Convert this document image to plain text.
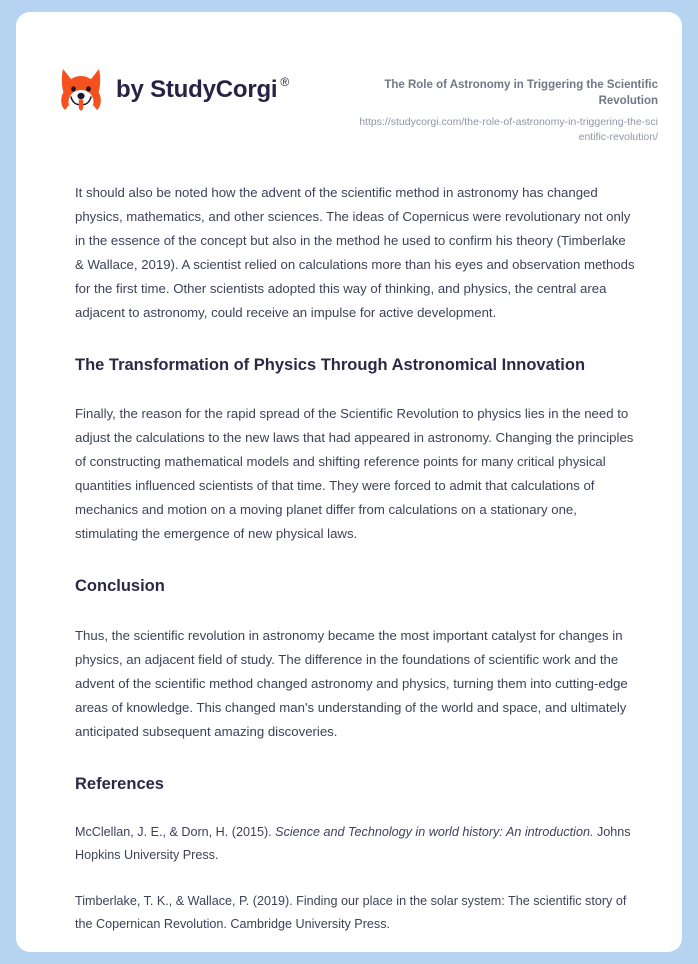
by StudyCorgi ®	The Role of Astronomy in Triggering the Scientific Revolution

https://studycorgi.com/the-role-of-astronomy-in-triggering-the-scientific-revolution/

It should also be noted how the advent of the scientific method in astronomy has changed physics, mathematics, and other sciences. The ideas of Copernicus were revolutionary not only in the essence of the concept but also in the method he used to confirm his theory (Timberlake & Wallace, 2019). A scientist relied on calculations more than his eyes and observation methods for the first time. Other scientists adopted this way of thinking, and physics, the central area adjacent to astronomy, could receive an impulse for active development.

The Transformation of Physics Through Astronomical Innovation

Finally, the reason for the rapid spread of the Scientific Revolution to physics lies in the need to adjust the calculations to the new laws that had appeared in astronomy. Changing the principles of constructing mathematical models and shifting reference points for many critical physical quantities influenced scientists of that time. They were forced to admit that calculations of mechanics and motion on a moving planet differ from calculations on a stationary one, stimulating the emergence of new physical laws.

Conclusion

Thus, the scientific revolution in astronomy became the most important catalyst for changes in physics, an adjacent field of study. The difference in the foundations of scientific work and the advent of the scientific method changed astronomy and physics, turning them into cutting-edge areas of knowledge. This changed man's understanding of the world and space, and ultimately anticipated subsequent amazing discoveries.

References

McClellan, J. E., & Dorn, H. (2015). Science and Technology in world history: An introduction. Johns Hopkins University Press.

Timberlake, T. K., & Wallace, P. (2019). Finding our place in the solar system: The scientific story of the Copernican Revolution. Cambridge University Press.
